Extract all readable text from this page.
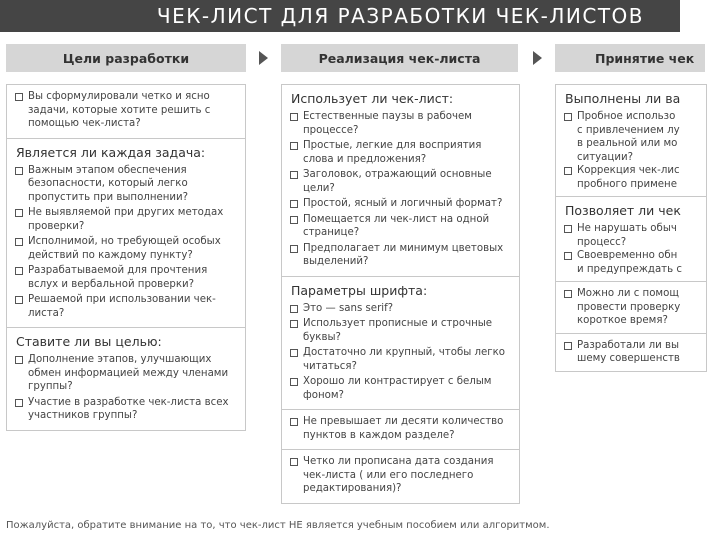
ЧЕК-ЛИСТ ДЛЯ РАЗРАБОТКИ ЧЕК-ЛИСТОВ
Цели разработки	Реализация чек-листа	Принятие чек
Вы сформулировали четко и ясно задачи, которые хотите решить с помощью чек-листа?
Является ли каждая задача:
Важным этапом обеспечения безопасности, который легко пропустить при выполнении?
Не выявляемой при других методах проверки?
Исполнимой, но требующей особых действий по каждому пункту?
Разрабатываемой для прочтения вслух и вербальной проверки?
Решаемой при использовании чек-листа?
Ставите ли вы целью:
Дополнение этапов, улучшающих обмен информацией между членами группы?
Участие в разработке чек-листа всех участников группы?
Использует ли чек-лист:
Естественные паузы в рабочем процессе?
Простые, легкие для восприятия слова и предложения?
Заголовок, отражающий основные цели?
Простой, ясный и логичный формат?
Помещается ли чек-лист на одной странице?
Предполагает ли минимум цветовых выделений?
Параметры шрифта:
Это — sans serif?
Использует прописные и строчные буквы?
Достаточно ли крупный, чтобы легко читаться?
Хорошо ли контрастирует с белым фоном?
Не превышает ли десяти количество пунктов в каждом разделе?
Четко ли прописана дата создания чек-листа ( или его последнего редактирования)?
Выполнены ли ва
Пробное использо
с привлечением лу
в реальной или мо
ситуации?
Коррекция чек-лис
пробного примене
Позволяет ли чек
Не нарушать обыч
процесс?
Своевременно обн
и предупреждать с
Можно ли с помощ
провести проверку
короткое время?
Разработали ли вы
шему совершенств
Пожалуйста, обратите внимание на то, что чек-лист НЕ является учебным пособием или алгоритмом.
